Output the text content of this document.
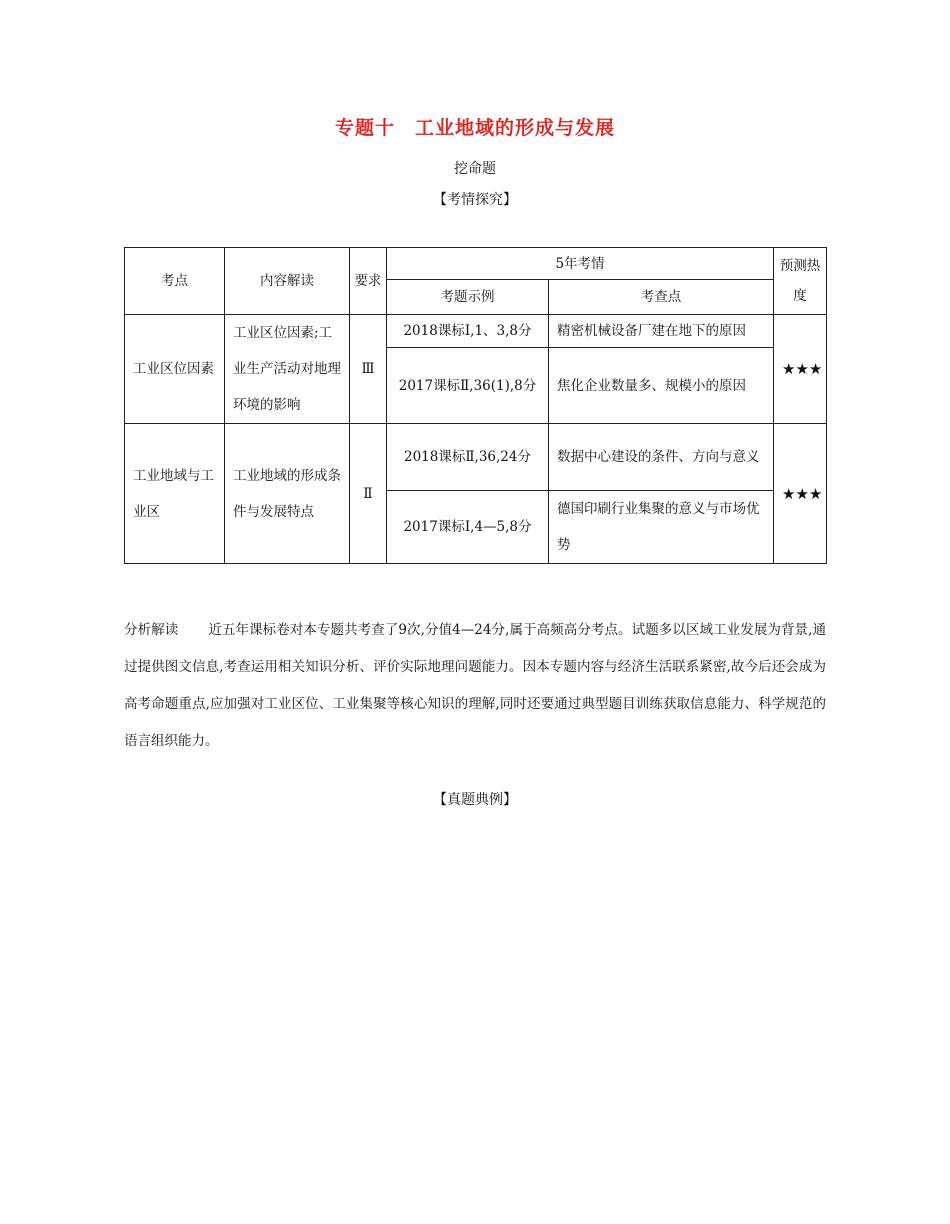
专题十　工业地域的形成与发展
挖命题
【考情探究】
考点	内容解读	要求	5年考情		预测热度
			考题示例	考查点	
工业区位因素	工业区位因素;工业生产活动对地理环境的影响	Ⅲ	2018课标Ⅰ,1、3,8分	精密机械设备厂建在地下的原因	★★★
			2017课标Ⅱ,36(1),8分	焦化企业数量多、规模小的原因	
工业地域与工业区	工业地域的形成条件与发展特点	Ⅱ	2018课标Ⅱ,36,24分	数据中心建设的条件、方向与意义	★★★
			2017课标Ⅰ,4—5,8分	德国印刷行业集聚的意义与市场优势	
分析解读 近五年课标卷对本专题共考查了9次,分值4—24分,属于高频高分考点。试题多以区域工业发展为背景,通过提供图文信息,考查运用相关知识分析、评价实际地理问题能力。因本专题内容与经济生活联系紧密,故今后还会成为高考命题重点,应加强对工业区位、工业集聚等核心知识的理解,同时还要通过典型题目训练获取信息能力、科学规范的语言组织能力。
【真题典例】
